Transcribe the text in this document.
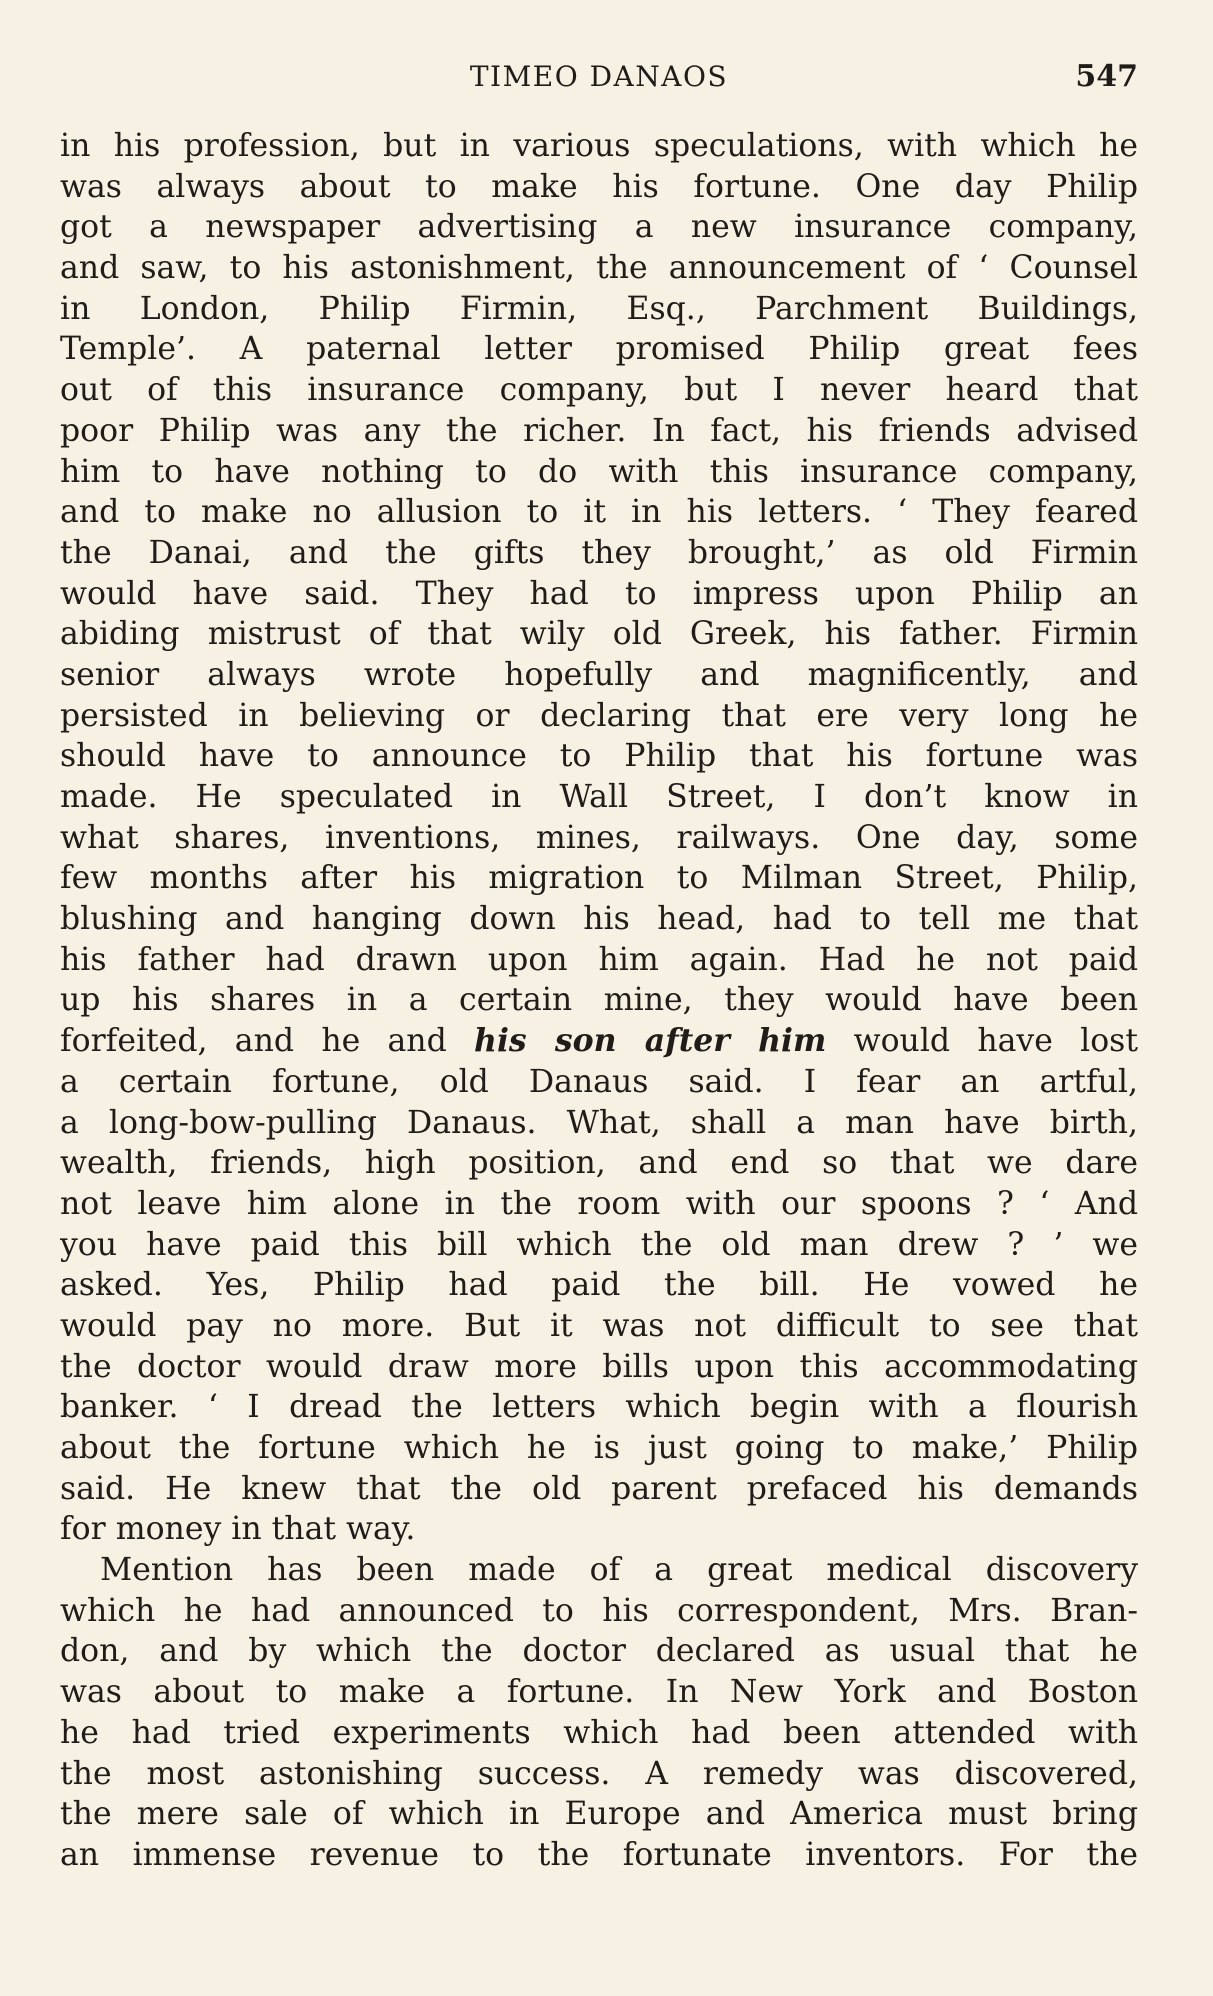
TIMEO DANAOS	547
in his profession, but in various speculations, with which he
was always about to make his fortune. One day Philip
got a newspaper advertising a new insurance company,
and saw, to his astonishment, the announcement of ‘ Counsel
in London, Philip Firmin, Esq., Parchment Buildings,
Temple’. A paternal letter promised Philip great fees
out of this insurance company, but I never heard that
poor Philip was any the richer. In fact, his friends advised
him to have nothing to do with this insurance company,
and to make no allusion to it in his letters. ‘ They feared
the Danai, and the gifts they brought,’ as old Firmin
would have said. They had to impress upon Philip an
abiding mistrust of that wily old Greek, his father. Firmin
senior always wrote hopefully and magnificently, and
persisted in believing or declaring that ere very long he
should have to announce to Philip that his fortune was
made. He speculated in Wall Street, I don’t know in
what shares, inventions, mines, railways. One day, some
few months after his migration to Milman Street, Philip,
blushing and hanging down his head, had to tell me that
his father had drawn upon him again. Had he not paid
up his shares in a certain mine, they would have been
forfeited, and he and his son after him would have lost
a certain fortune, old Danaus said. I fear an artful,
a long-bow-pulling Danaus. What, shall a man have birth,
wealth, friends, high position, and end so that we dare
not leave him alone in the room with our spoons ? ‘ And
you have paid this bill which the old man drew ? ’ we
asked. Yes, Philip had paid the bill. He vowed he
would pay no more. But it was not difficult to see that
the doctor would draw more bills upon this accommodating
banker. ‘ I dread the letters which begin with a flourish
about the fortune which he is just going to make,’ Philip
said. He knew that the old parent prefaced his demands
for money in that way.
Mention has been made of a great medical discovery
which he had announced to his correspondent, Mrs. Bran-
don, and by which the doctor declared as usual that he
was about to make a fortune. In New York and Boston
he had tried experiments which had been attended with
the most astonishing success. A remedy was discovered,
the mere sale of which in Europe and America must bring
an immense revenue to the fortunate inventors. For the
